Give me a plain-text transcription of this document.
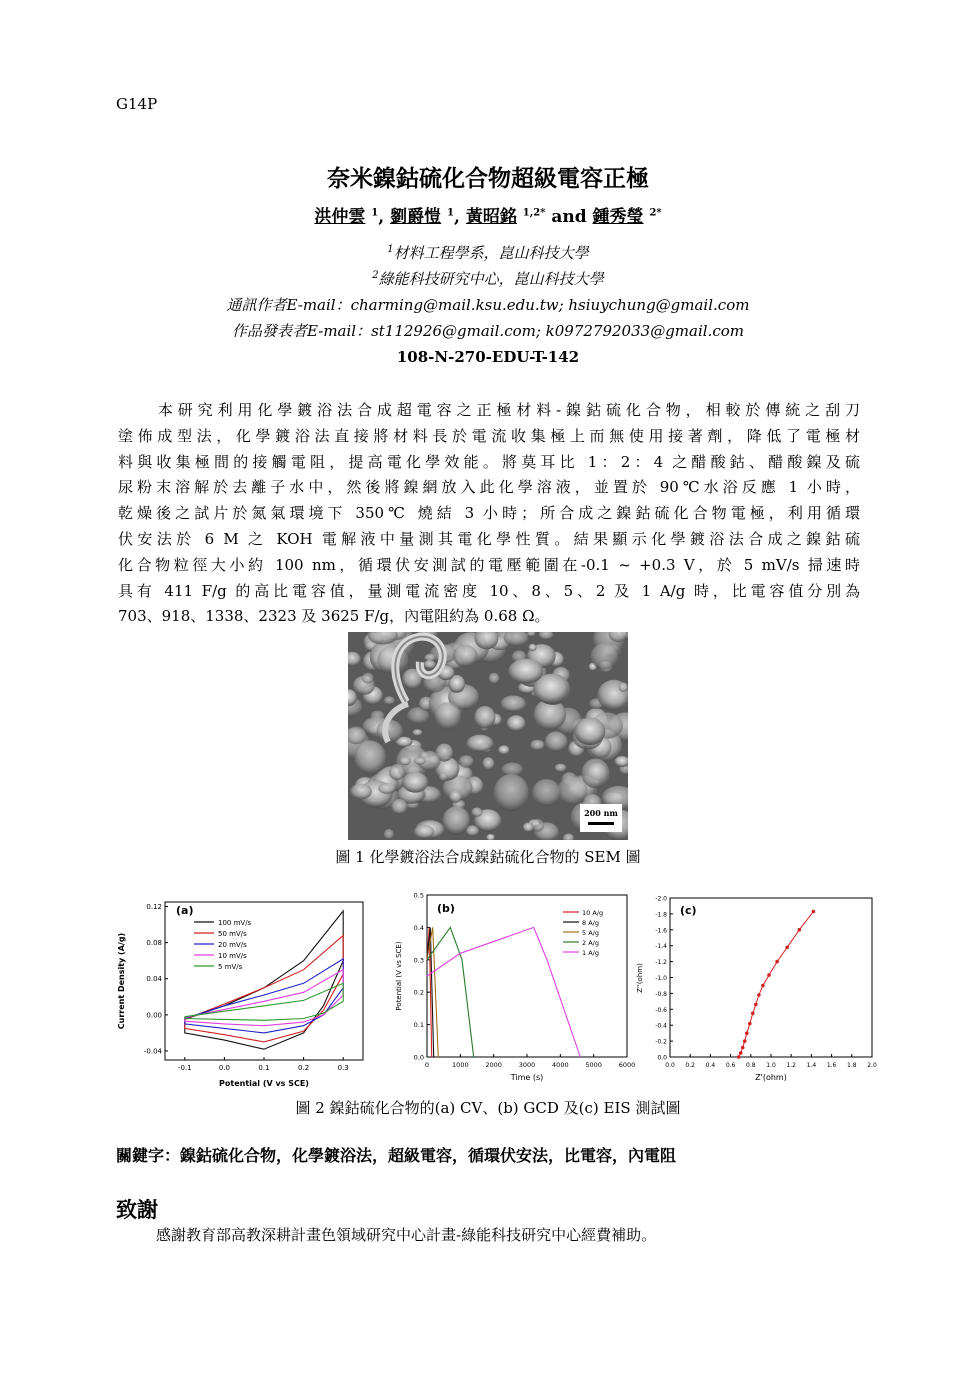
G14P
奈米鎳鈷硫化合物超級電容正極
洪仲雲 $^1$, 劉爵愷 $^1$, 黃昭銘 $^{1,2*}$ and 鍾秀瑩 $^{2*}$
$^1$材料工程學系，崑山科技大學
$^2$綠能科技研究中心，崑山科技大學
通訊作者E-mail：charming@mail.ksu.edu.tw; hsiuychung@gmail.com
作品發表者E-mail：st112926@gmail.com; k0972792033@gmail.com
108-N-270-EDU-T-142
　　本研究利用化學鍍浴法合成超電容之正極材料-鎳鈷硫化合物，相較於傳統之刮刀
塗佈成型法，化學鍍浴法直接將材料長於電流收集極上而無使用接著劑，降低了電極材
料與收集極間的接觸電阻，提高電化學效能。將莫耳比 1：2：4 之醋酸鈷、醋酸鎳及硫
尿粉末溶解於去離子水中，然後將鎳網放入此化學溶液，並置於 90℃水浴反應 1 小時，
乾燥後之試片於氮氣環境下 350℃ 燒結 3 小時；所合成之鎳鈷硫化合物電極，利用循環
伏安法於 6 M 之 KOH 電解液中量測其電化學性質。結果顯示化學鍍浴法合成之鎳鈷硫
化合物粒徑大小約 100 nm，循環伏安測試的電壓範圍在-0.1 ~ +0.3 V，於 5 mV/s 掃速時
具有 411 F/g 的高比電容值，量測電流密度 10、8、5、2 及 1 A/g 時，比電容值分別為
703、918、1338、2323 及 3625 F/g，內電阻約為 0.68 Ω。
200 nm
圖 1 化學鍍浴法合成鎳鈷硫化合物的 SEM 圖
-0.1	0.0	0.1	0.2	0.3
-0.04
0.00
0.04
0.08
0.12
100 mV/s
50 mV/s
20 mV/s
10 mV/s
5 mV/s
(a)
Potential (V vs SCE)
Current Density (A/g)
0	1000	2000	3000	4000	5000	6000
0.0
0.1
0.2
0.3
0.4
0.5
10 A/g
8 A/g
5 A/g
2 A/g
1 A/g
(b)
Time (s)
Potential (V vs SCE)
0.0 0.2 0.4 0.6 0.8 1.0 1.2 1.4 1.6 1.8 2.0
0.0
-0.2
-0.4
-0.6
-0.8
-1.0
-1.2
-1.4
-1.6
-1.8
-2.0
(c)
Z'(ohm)
Z''(ohm)
圖 2 鎳鈷硫化合物的(a) CV、(b) GCD 及(c) EIS 測試圖
關鍵字：鎳鈷硫化合物，化學鍍浴法，超級電容，循環伏安法，比電容，內電阻
致謝
感謝教育部高教深耕計畫色領域研究中心計畫-綠能科技研究中心經費補助。
